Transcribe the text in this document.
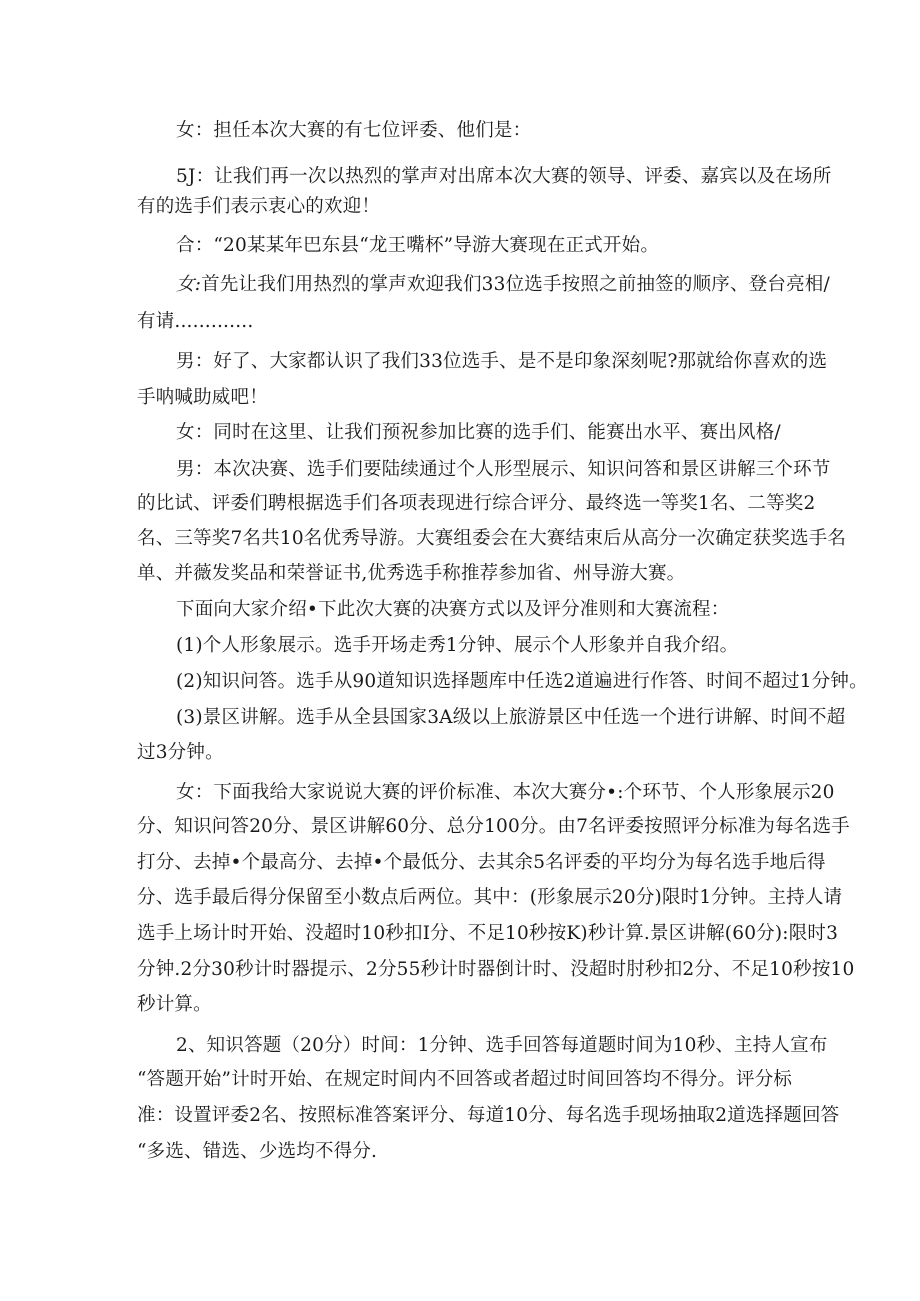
女：担任本次大赛的有七位评委、他们是：

5J：让我们再一次以热烈的掌声对出席本次大赛的领导、评委、嘉宾以及在场所

有的选手们表示衷心的欢迎！

合：“20某某年巴东县“龙王嘴杯”导游大赛现在正式开始。

女:首先让我们用热烈的掌声欢迎我们33位选手按照之前抽签的顺序、登台亮相/

有请.............

男：好了、大家都认识了我们33位选手、是不是印象深刻呢?那就给你喜欢的选

手呐喊助威吧！

女：同时在这里、让我们预祝参加比赛的选手们、能赛出水平、赛出风格/

男：本次决赛、选手们要陆续通过个人形型展示、知识问答和景区讲解三个环节

的比试、评委们聘根据选手们各项表现进行综合评分、最终选一等奖1名、二等奖2

名、三等奖7名共10名优秀导游。大赛组委会在大赛结束后从高分一次确定获奖选手名

单、并薇发奖品和荣誉证书,优秀选手称推荐参加省、州导游大赛。

下面向大家介绍•下此次大赛的决赛方式以及评分准则和大赛流程：

(1)个人形象展示。选手开场走秀1分钟、展示个人形象并自我介绍。

(2)知识问答。选手从90道知识选择题库中任选2道遍进行作答、时间不超过1分钟。

(3)景区讲解。选手从全县国家3A级以上旅游景区中任选一个进行讲解、时间不超

过3分钟。

女：下面我给大家说说大赛的评价标准、本次大赛分•:个环节、个人形象展示20

分、知识问答20分、景区讲解60分、总分100分。由7名评委按照评分标准为每名选手

打分、去掉•个最高分、去掉•个最低分、去其余5名评委的平均分为每名选手地后得

分、选手最后得分保留至小数点后两位。其中：(形象展示20分)限时1分钟。主持人请

选手上场计时开始、没超时10秒扣I分、不足10秒按K)秒计算.景区讲解(60分):限时3

分钟.2分30秒计时器提示、2分55秒计时器倒计时、没超时肘秒扣2分、不足10秒按10

秒计算。

2、知识答题（20分）时间：1分钟、选手回答每道题时间为10秒、主持人宣布

“答题开始”计时开始、在规定时间内不回答或者超过时间回答均不得分。评分标

准：设置评委2名、按照标准答案评分、每道10分、每名选手现场抽取2道选择题回答

“多选、错选、少选均不得分.
